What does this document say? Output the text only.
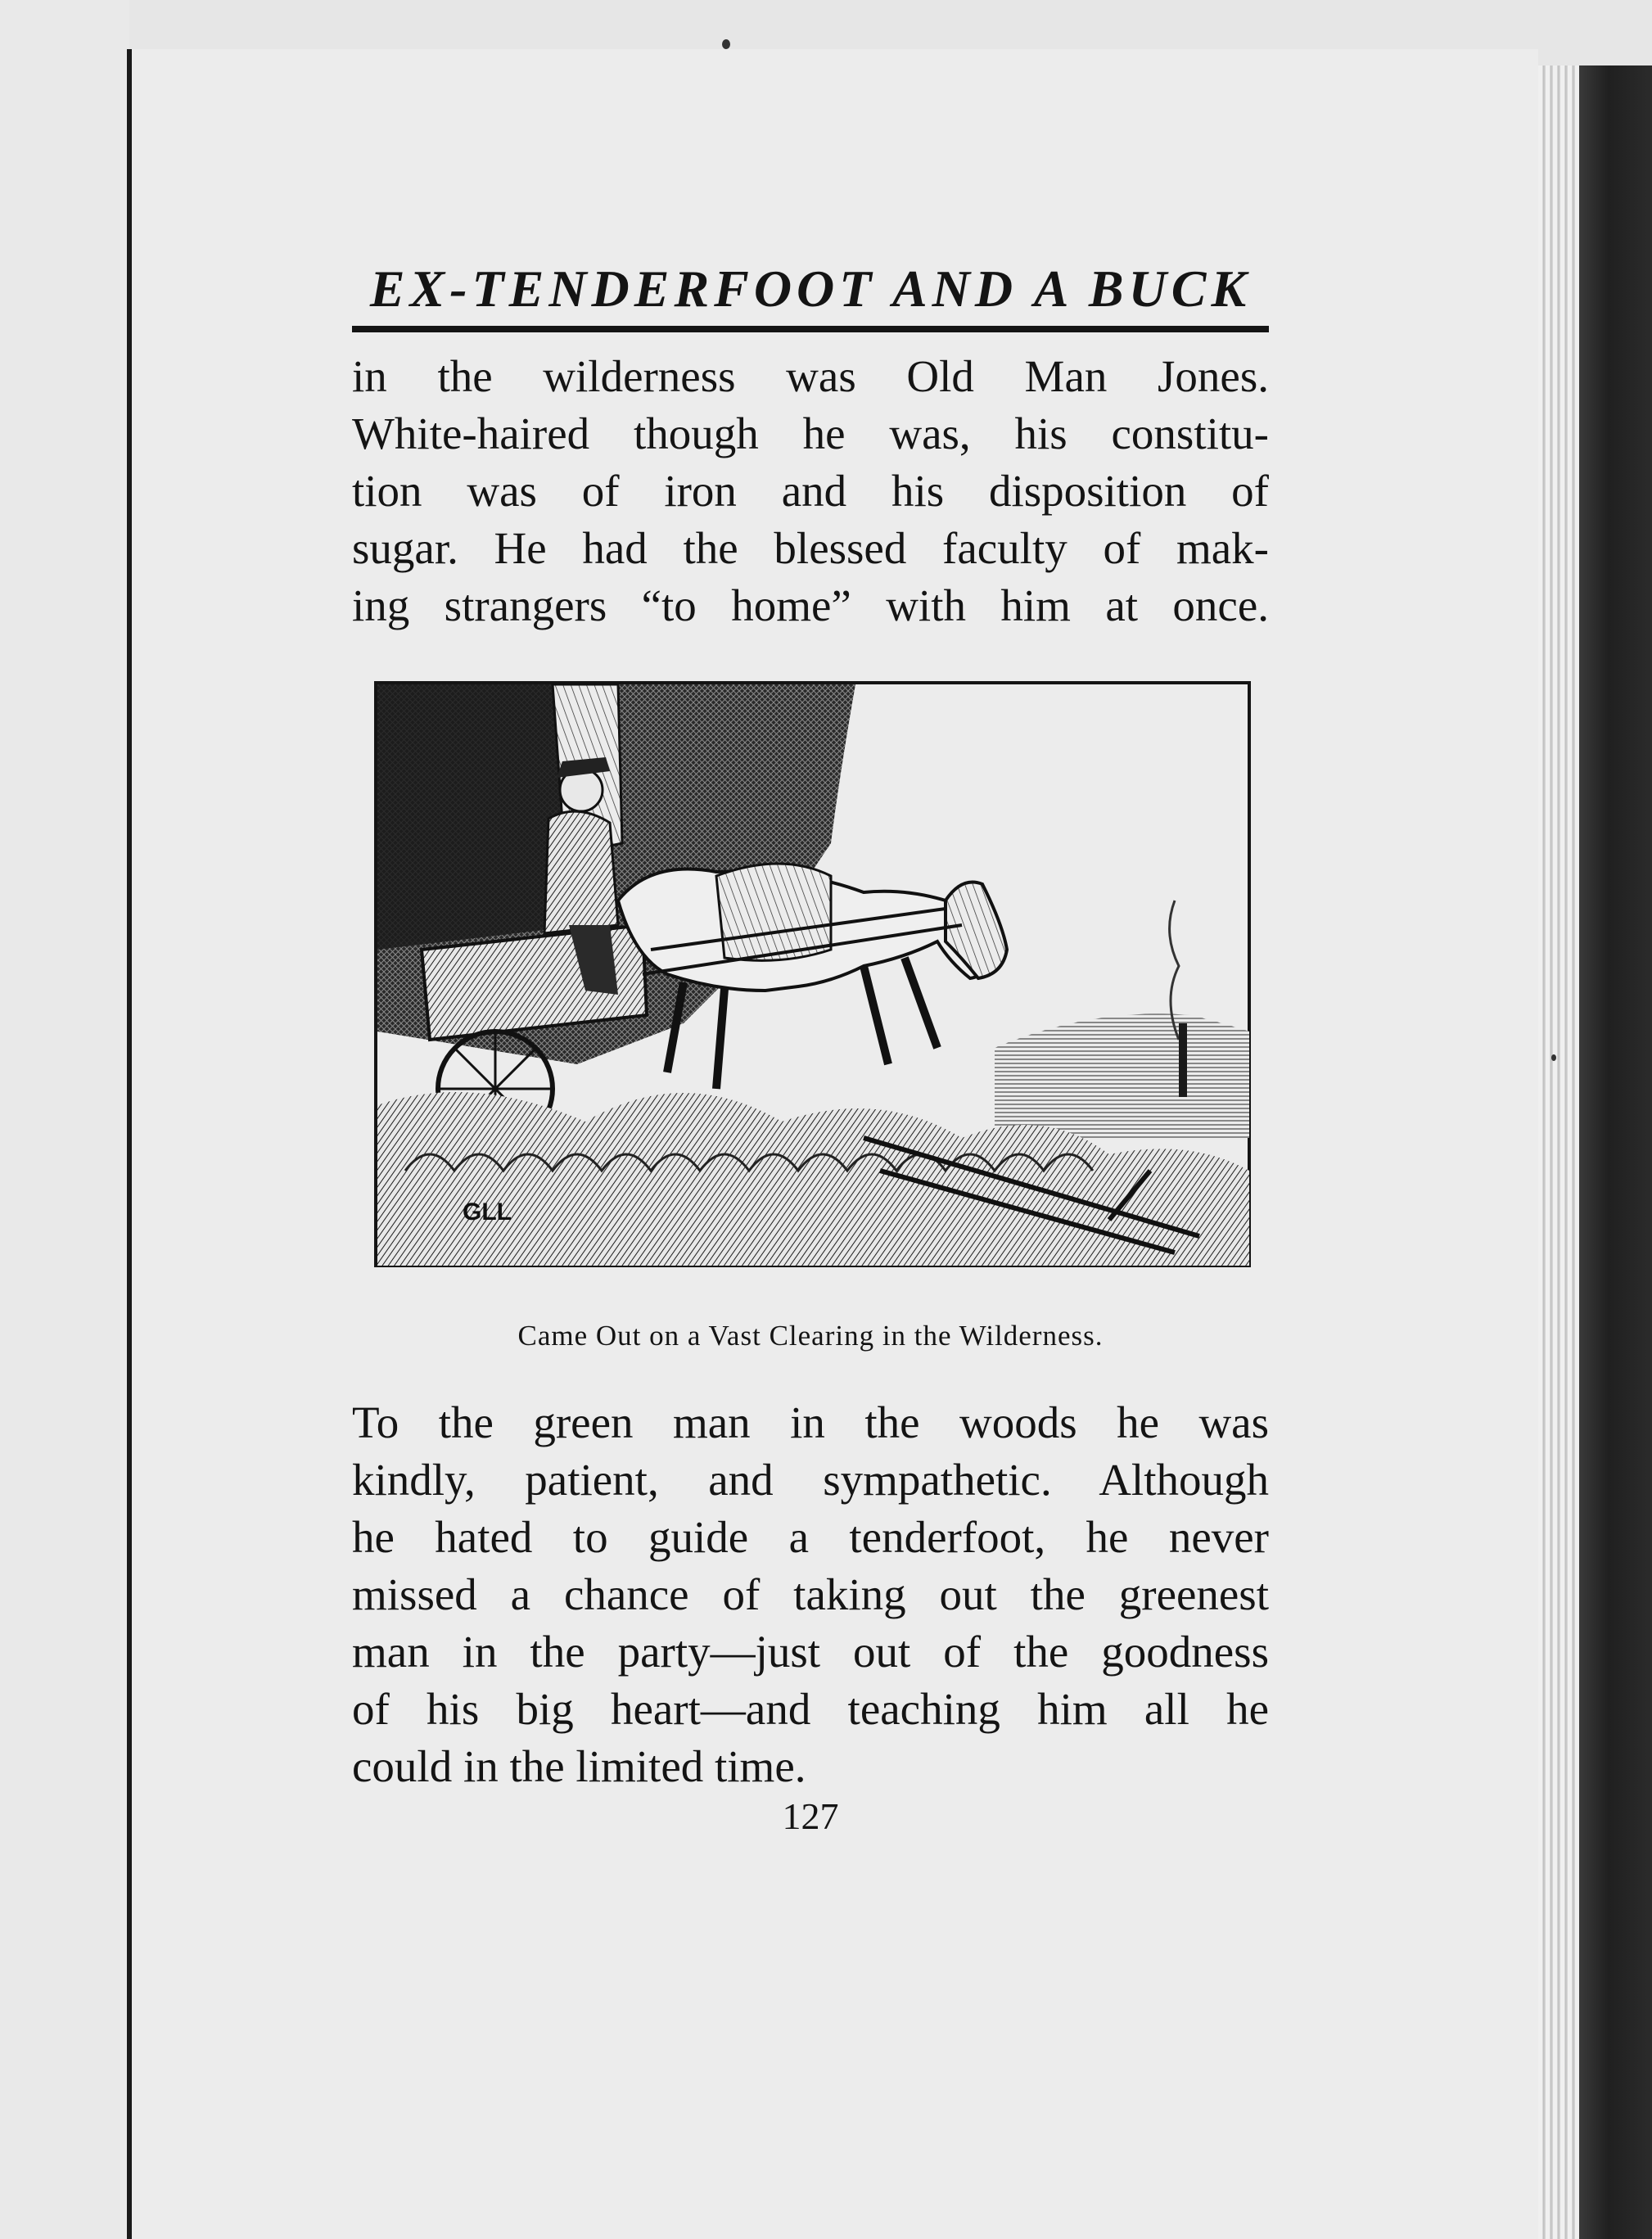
EX-TENDERFOOT AND A BUCK

in the wilderness was Old Man Jones.
White-haired though he was, his constitu-
tion was of iron and his disposition of
sugar. He had the blessed faculty of mak-
ing strangers “to home” with him at once.

GLL
Came Out on a Vast Clearing in the Wilderness.

To the green man in the woods he was
kindly, patient, and sympathetic. Although
he hated to guide a tenderfoot, he never
missed a chance of taking out the greenest
man in the party—just out of the goodness
of his big heart—and teaching him all he
could in the limited time.

127
